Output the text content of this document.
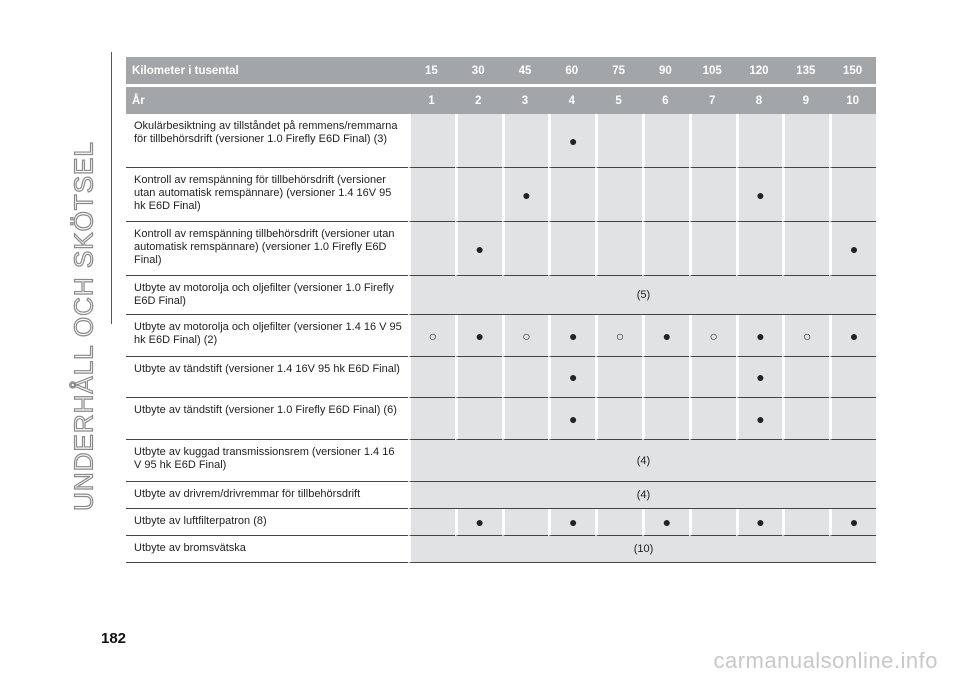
UNDERHÅLL OCH SKÖTSEL
Kilometer i tusental	15	30	45	60	75	90	105	120	135	150
År	1	2	3	4	5	6	7	8	9	10
Okulärbesiktning av tillståndet på remmens/remmarna för tillbehörsdrift (versioner 1.0 Firefly E6D Final) (3)				●						
Kontroll av remspänning för tillbehörsdrift (versioner utan automatisk remspännare) (versioner 1.4 16V 95 hk E6D Final)			●					●		
Kontroll av remspänning tillbehörsdrift (versioner utan automatisk remspännare) (versioner 1.0 Firefly E6D Final)		●								●
Utbyte av motorolja och oljefilter (versioner 1.0 Firefly E6D Final)	(5)									
Utbyte av motorolja och oljefilter (versioner 1.4 16 V 95 hk E6D Final) (2)	○	●	○	●	○	●	○	●	○	●
Utbyte av tändstift (versioner 1.4 16V 95 hk E6D Final)				●				●		
Utbyte av tändstift (versioner 1.0 Firefly E6D Final) (6)				●				●		
Utbyte av kuggad transmissionsrem (versioner 1.4 16 V 95 hk E6D Final)	(4)									
Utbyte av drivrem/drivremmar för tillbehörsdrift	(4)									
Utbyte av luftfilterpatron (8)		●		●		●		●		●
Utbyte av bromsvätska	(10)									
182
carmanualsonline.info
